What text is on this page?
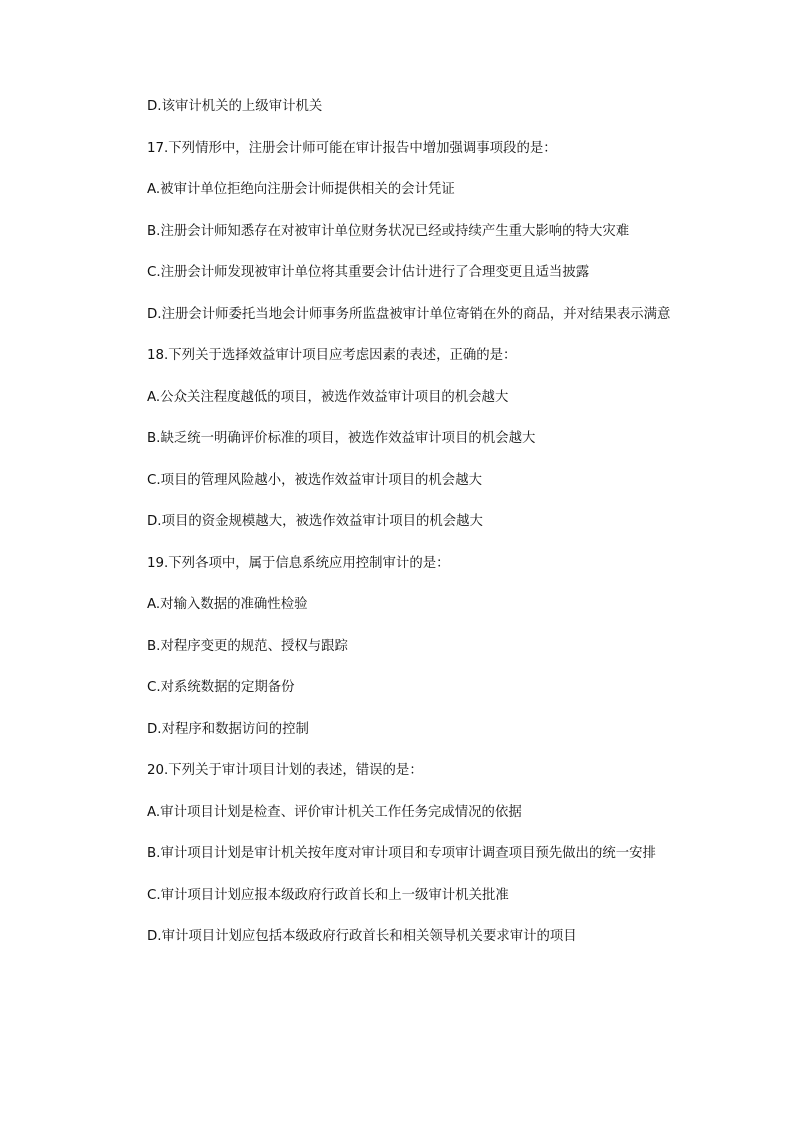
D.该审计机关的上级审计机关

17.下列情形中，注册会计师可能在审计报告中增加强调事项段的是：

A.被审计单位拒绝向注册会计师提供相关的会计凭证

B.注册会计师知悉存在对被审计单位财务状况已经或持续产生重大影响的特大灾难

C.注册会计师发现被审计单位将其重要会计估计进行了合理变更且适当披露

D.注册会计师委托当地会计师事务所监盘被审计单位寄销在外的商品，并对结果表示满意

18.下列关于选择效益审计项目应考虑因素的表述，正确的是：

A.公众关注程度越低的项目，被选作效益审计项目的机会越大

B.缺乏统一明确评价标准的项目，被选作效益审计项目的机会越大

C.项目的管理风险越小，被选作效益审计项目的机会越大

D.项目的资金规模越大，被选作效益审计项目的机会越大

19.下列各项中，属于信息系统应用控制审计的是：

A.对输入数据的准确性检验

B.对程序变更的规范、授权与跟踪

C.对系统数据的定期备份

D.对程序和数据访问的控制

20.下列关于审计项目计划的表述，错误的是：

A.审计项目计划是检查、评价审计机关工作任务完成情况的依据

B.审计项目计划是审计机关按年度对审计项目和专项审计调查项目预先做出的统一安排

C.审计项目计划应报本级政府行政首长和上一级审计机关批准

D.审计项目计划应包括本级政府行政首长和相关领导机关要求审计的项目
